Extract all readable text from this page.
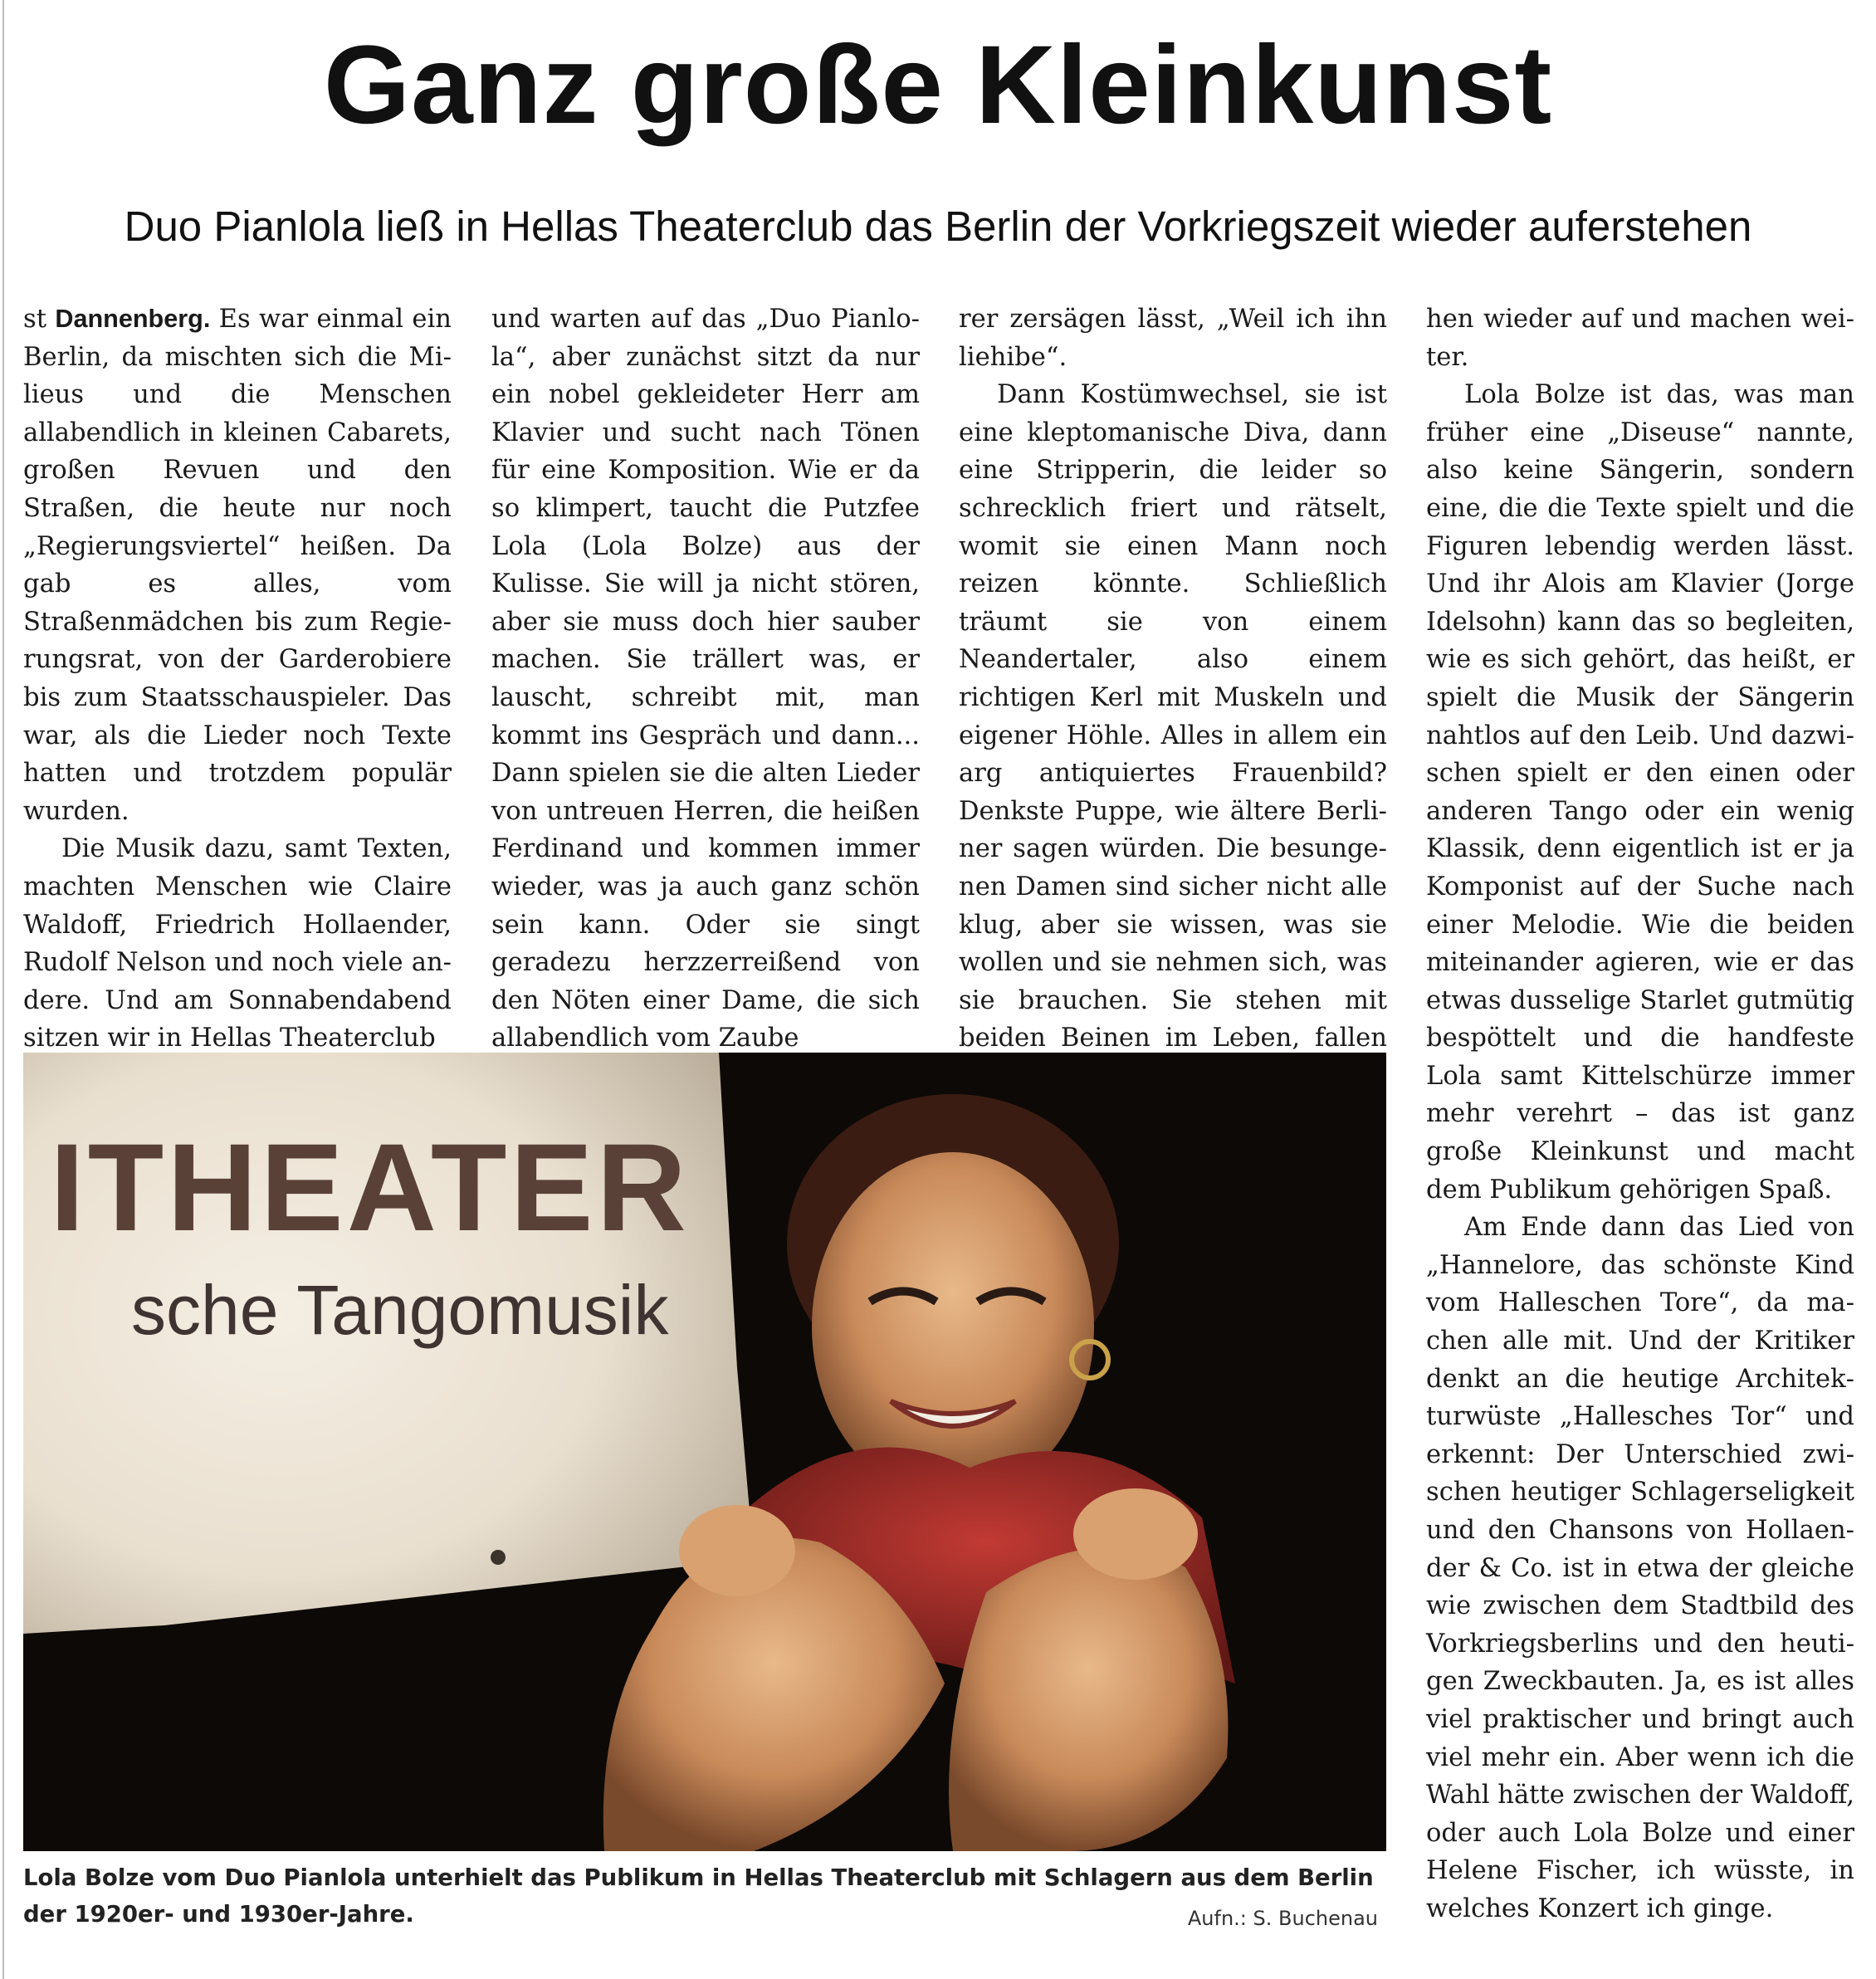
Ganz große Kleinkunst
Duo Pianlola ließ in Hellas Theaterclub das Berlin der Vorkriegszeit wieder auferstehen

st Dannenberg. Es war einmal ein Berlin, da mischten sich die Milieus und die Menschen allabendlich in kleinen Cabarets, großen Revuen und den Straßen, die heute nur noch „Regierungsviertel“ heißen. Da gab es alles, vom Straßenmädchen bis zum Regierungsrat, von der Garderobiere bis zum Staatsschauspieler. Das war, als die Lieder noch Texte hatten und trotzdem populär wurden.

Die Musik dazu, samt Texten, machten Menschen wie Claire Waldoff, Friedrich Hollaender, Rudolf Nelson und noch viele andere. Und am Sonnabendabend sitzen wir in Hellas Theaterclub

und warten auf das „Duo Pianlola“, aber zunächst sitzt da nur ein nobel gekleideter Herr am Klavier und sucht nach Tönen für eine Komposition. Wie er da so klimpert, taucht die Putzfee Lola (Lola Bolze) aus der Kulisse. Sie will ja nicht stören, aber sie muss doch hier sauber machen. Sie trällert was, er lauscht, schreibt mit, man kommt ins Gespräch und dann... Dann spielen sie die alten Lieder von untreuen Herren, die heißen Ferdinand und kommen immer wieder, was ja auch ganz schön sein kann. Oder sie singt geradezu herzzerreißend von den Nöten einer Dame, die sich allabendlich vom Zaube

rer zersägen lässt, „Weil ich ihn liehibe“.

Dann Kostümwechsel, sie ist eine kleptomanische Diva, dann eine Stripperin, die leider so schrecklich friert und rätselt, womit sie einen Mann noch reizen könnte. Schließlich träumt sie von einem Neandertaler, also einem richtigen Kerl mit Muskeln und eigener Höhle. Alles in allem ein arg antiquiertes Frauenbild? Denkste Puppe, wie ältere Berliner sagen würden. Die besungenen Damen sind sicher nicht alle klug, aber sie wissen, was sie wollen und sie nehmen sich, was sie brauchen. Sie stehen mit beiden Beinen im Leben, fallen

hen wieder auf und machen weiter.

Lola Bolze ist das, was man früher eine „Diseuse“ nannte, also keine Sängerin, sondern eine, die die Texte spielt und die Figuren lebendig werden lässt. Und ihr Alois am Klavier (Jorge Idelsohn) kann das so begleiten, wie es sich gehört, das heißt, er spielt die Musik der Sängerin nahtlos auf den Leib. Und dazwischen spielt er den einen oder anderen Tango oder ein wenig Klassik, denn eigentlich ist er ja Komponist auf der Suche nach einer Melodie. Wie die beiden miteinander agieren, wie er das etwas dusselige Starlet gutmütig bespöttelt und die handfeste Lola samt Kittelschürze immer mehr verehrt – das ist ganz große Kleinkunst und macht dem Publikum gehörigen Spaß.

Am Ende dann das Lied von „Hannelore, das schönste Kind vom Halleschen Tore“, da machen alle mit. Und der Kritiker denkt an die heutige Architekturwüste „Hallesches Tor“ und erkennt: Der Unterschied zwischen heutiger Schlagerseligkeit und den Chansons von Hollaender & Co. ist in etwa der gleiche wie zwischen dem Stadtbild des Vorkriegsberlins und den heutigen Zweckbauten. Ja, es ist alles viel praktischer und bringt auch viel mehr ein. Aber wenn ich die Wahl hätte zwischen der Waldoff, oder auch Lola Bolze und einer Helene Fischer, ich wüsste, in welches Konzert ich ginge.

ITHEATER
sche Tangomusik
Lola Bolze vom Duo Pianlola unterhielt das Publikum in Hellas Theaterclub mit Schlagern aus dem Berlin der 1920er- und 1930er-Jahre.	Aufn.: S. Buchenau
